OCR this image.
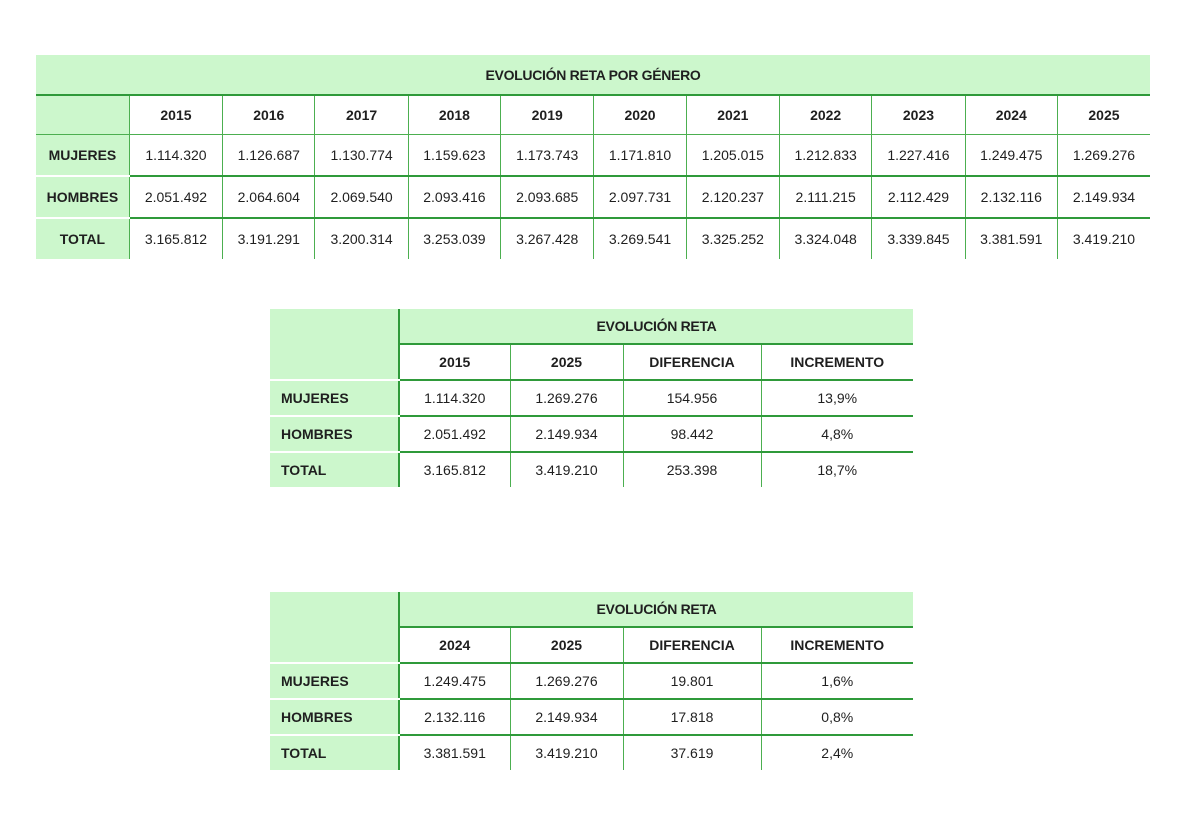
EVOLUCIÓN RETA POR GÉNERO											
	2015	2016	2017	2018	2019	2020	2021	2022	2023	2024	2025
MUJERES	1.114.320	1.126.687	1.130.774	1.159.623	1.173.743	1.171.810	1.205.015	1.212.833	1.227.416	1.249.475	1.269.276
HOMBRES	2.051.492	2.064.604	2.069.540	2.093.416	2.093.685	2.097.731	2.120.237	2.111.215	2.112.429	2.132.116	2.149.934
TOTAL	3.165.812	3.191.291	3.200.314	3.253.039	3.267.428	3.269.541	3.325.252	3.324.048	3.339.845	3.381.591	3.419.210
	EVOLUCIÓN RETA			
	2015	2025	DIFERENCIA	INCREMENTO
MUJERES	1.114.320	1.269.276	154.956	13,9%
HOMBRES	2.051.492	2.149.934	98.442	4,8%
TOTAL	3.165.812	3.419.210	253.398	18,7%
	EVOLUCIÓN RETA			
	2024	2025	DIFERENCIA	INCREMENTO
MUJERES	1.249.475	1.269.276	19.801	1,6%
HOMBRES	2.132.116	2.149.934	17.818	0,8%
TOTAL	3.381.591	3.419.210	37.619	2,4%
